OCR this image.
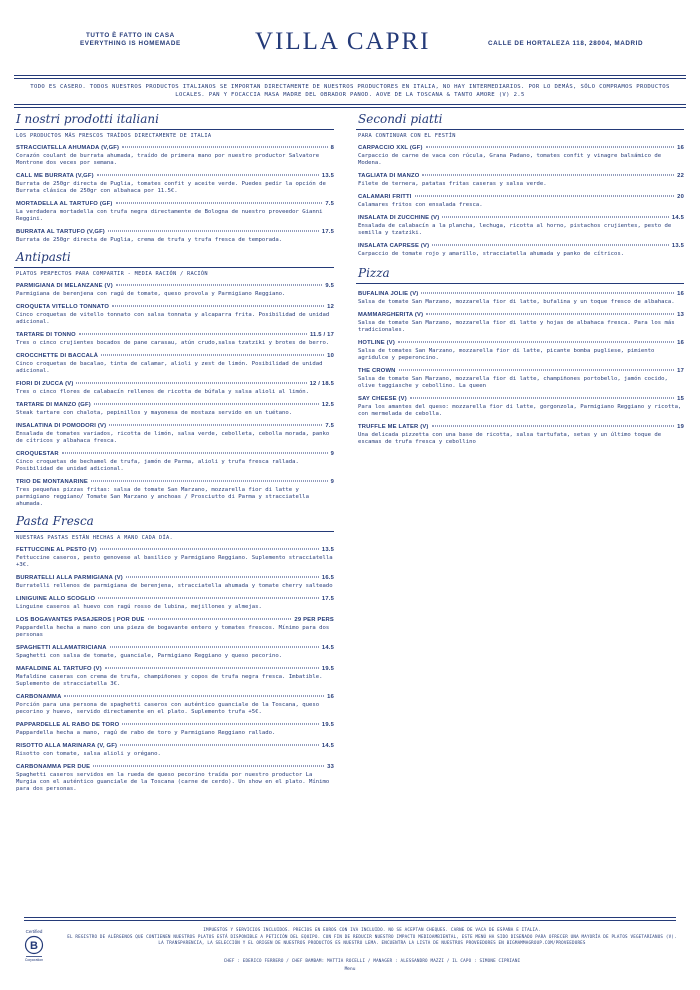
TUTTO È FATTO IN CASA
EVERYTHING IS HOMEMADE	VILLA CAPRI	CALLE DE HORTALEZA 118, 28004, MADRID
TODO ES CASERO. TODOS NUESTROS PRODUCTOS ITALIANOS SE IMPORTAN DIRECTAMENTE DE NUESTROS PRODUCTORES EN ITALIA, NO HAY INTERMEDIARIOS. POR LO DEMÁS, SÓLO COMPRAMOS PRODUCTOS LOCALES. PAN Y FOCACCIA MASA MADRE DEL OBRADOR PANOD. AOVE DE LA TOSCANA & TANTO AMORE (V) 2.5
I nostri prodotti italiani
LOS PRODUCTOS MÁS FRESCOS TRAÍDOS DIRECTAMENTE DE ITALIA
STRACCIATELLA AHUMADA (V,GF)	8
Corazón coulant de burrata ahumada, traído de primera mano por nuestro productor Salvatore Montrone dos veces por semana.
CALL ME BURRATA (V,GF)	13.5
Burrata de 250gr directa de Puglia, tomates confit y aceite verde. Puedes pedir la opción de Burrata clásica de 250gr con albahaca por 11.5€.
MORTADELLA AL TARTUFO (GF)	7.5
La verdadera mortadella con trufa negra directamente de Bologna de nuestro proveedor Gianni Reggini.
BURRATA AL TARTUFO (V,GF)	17.5
Burrata de 250gr directa de Puglia, crema de trufa y trufa fresca de temporada.
Antipasti
PLATOS PERFECTOS PARA COMPARTIR - MEDIA RACIÓN / RACIÓN
PARMIGIANA DI MELANZANE (V)	9.5
Parmigiana de berenjena con ragú de tomate, queso provola y Parmigiano Reggiano.
CROQUETA VITELLO TONNATO	12
Cinco croquetas de vitello tonnato con salsa tonnata y alcaparra frita. Posibilidad de unidad adicional.
TARTARE DI TONNO	11.5 / 17
Tres o cinco crujientes bocados de pane carasau, atún crudo,salsa tzatziki y brotes de berro.
CROCCHETTE DI BACCALÀ	10
Cinco croquetas de bacalao, tinta de calamar, alioli y zest de limón. Posibilidad de unidad adicional.
FIORI DI ZUCCA (V)	12 / 18.5
Tres o cinco flores de calabacín rellenos de ricotta de búfala y salsa alioli al limón.
TARTARE DI MANZO (GF)	12.5
Steak tartare con chalota, pepinillos y mayonesa de mostaza servido en un tuétano.
INSALATINA DI POMODORI (V)	7.5
Ensalada de tomates variados, ricotta de limón, salsa verde, cebolleta, cebolla morada, panko de cítricos y albahaca fresca.
CROQUESTAR	9
Cinco croquetas de bechamel de trufa, jamón de Parma, alioli y trufa fresca rallada. Posibilidad de unidad adicional.
TRIO DE MONTANARINE	9
Tres pequeñas pizzas fritas: salsa de tomate San Marzano, mozzarella fior di latte y parmigiano reggiano/ Tomate San Marzano y anchoas / Prosciutto di Parma y stracciatella ahumada.
Pasta Fresca
NUESTRAS PASTAS ESTÁN HECHAS A MANO CADA DÍA.
FETTUCCINE AL PESTO (V)	13.5
Fettuccine caseros, pesto genovese al basilico y Parmigiano Reggiano. Suplemento stracciatella +3€.
BURRATELLI ALLA PARMIGIANA (V)	16.5
Burratelli rellenos de parmigiana de berenjena, stracciatella ahumada y tomate cherry salteado
LINIGUINE ALLO SCOGLIO	17.5
Linguine caseros al huevo con ragú rosso de lubina, mejillones y almejas.
LOS BOGAVANTES PASAJEROS | POR DUE	29 PER PERS
Pappardella hecha a mano con una pieza de bogavante entero y tomates frescos. Mínimo para dos personas
SPAGHETTI ALLAMATRICIANA	14.5
Spaghetti con salsa de tomate, guanciale, Parmigiano Reggiano y queso pecorino.
MAFALDINE AL TARTUFO (V)	19.5
Mafaldine caseras con crema de trufa, champiñones y copos de trufa negra fresca. Imbatible. Suplemento de stracciatella 3€.
CARBONAMMA	16
Porción para una persona de spaghetti caseros con auténtico guanciale de la Toscana, queso pecorino y huevo, servido directamente en el plato. Suplemento trufa +5€.
PAPPARDELLE AL RABO DE TORO	19.5
Pappardella hecha a mano, ragú de rabo de toro y Parmigiano Reggiano rallado.
RISOTTO ALLA MARINARA (V, GF)	14.5
Risotto con tomate, salsa alioli y orégano.
CARBONAMMA PER DUE	33
Spaghetti caseros servidos en la rueda de queso pecorino traída por nuestro productor La Murgia con el auténtico guanciale de la Toscana (carne de cerdo). Un show en el plato. Mínimo para dos personas.
Secondi piatti
PARA CONTINUAR CON EL FESTÍN
CARPACCIO XXL (GF)	16
Carpaccio de carne de vaca con rúcula, Grana Padano, tomates confit y vinagre balsámico de Modena.
TAGLIATA DI MANZO	22
Filete de ternera, patatas fritas caseras y salsa verde.
CALAMARI FRITTI	20
Calamares fritos con ensalada fresca.
INSALATA DI ZUCCHINE (V)	14.5
Ensalada de calabacín a la plancha, lechuga, ricotta al horno, pistachos crujientes, pesto de semilla y tzatziki.
INSALATA CAPRESE (V)	13.5
Carpaccio de tomate rojo y amarillo, stracciatella ahumada y panko de cítricos.
Pizza
BUFALINA JOLIE (V)	16
Salsa de tomate San Marzano, mozzarella fior di latte, bufalina y un toque fresco de albahaca.
MAMMARGHERITA (V)	13
Salsa de tomate San Marzano, mozzarella fior di latte y hojas de albahaca fresca. Para los más tradicionales.
HOTLINE (V)	16
Salsa de tomates San Marzano, mozzarella fior di latte, picante bomba pugliese, pimiento agridulce y peperoncino.
THE CROWN	17
Salsa de tomate San Marzano, mozzarella fior di latte, champiñones portobello, jamón cocido, olive taggiasche y cebollino. La queen
SAY CHEESE (V)	15
Para los amantes del queso: mozzarella fior di latte, gorgonzola, Parmigiano Reggiano y ricotta, con mermelada de cebolla.
TRUFFLE ME LATER (V)	19
Una delicada pizzetta con una base de ricotta, salsa tartufata, setas y un último toque de escamas de trufa fresca y cebollino
Certified
B
Corporation
IMPUESTOS Y SERVICIOS INCLUIDOS. PRECIOS EN EUROS CON IVA INCLUIDO. NO SE ACEPTAN CHEQUES. CARNE DE VACA DE ESPAÑA E ITALIA.
EL REGISTRO DE ALÉRGENOS QUE CONTIENEN NUESTROS PLATOS ESTÁ DISPONIBLE A PETICIÓN DEL EQUIPO. CON FIN DE REDUCIR NUESTRO IMPACTO MEDIOAMBIENTAL, ESTE MENÚ HA SIDO DISEÑADO PARA OFRECER UNA MAYORÍA DE PLATOS VEGETARIANOS (V). LA TRANSPARENCIA, LA SELECCIÓN Y EL ORIGEN DE NUESTROS PRODUCTOS ES NUESTRO LEMA. ENCUENTRA LA LISTA DE NUESTROS PROVEEDORES EN BIGMAMMAGROUP.COM/PROVEEDORES
CHEF : EDERICO FERRERO / CHEF BAMBAM: MATTIA ROCELLI / MANAGER : ALESSANDRO MAZZI / IL CAPO : SIMONE CIPRIANI
Menu
